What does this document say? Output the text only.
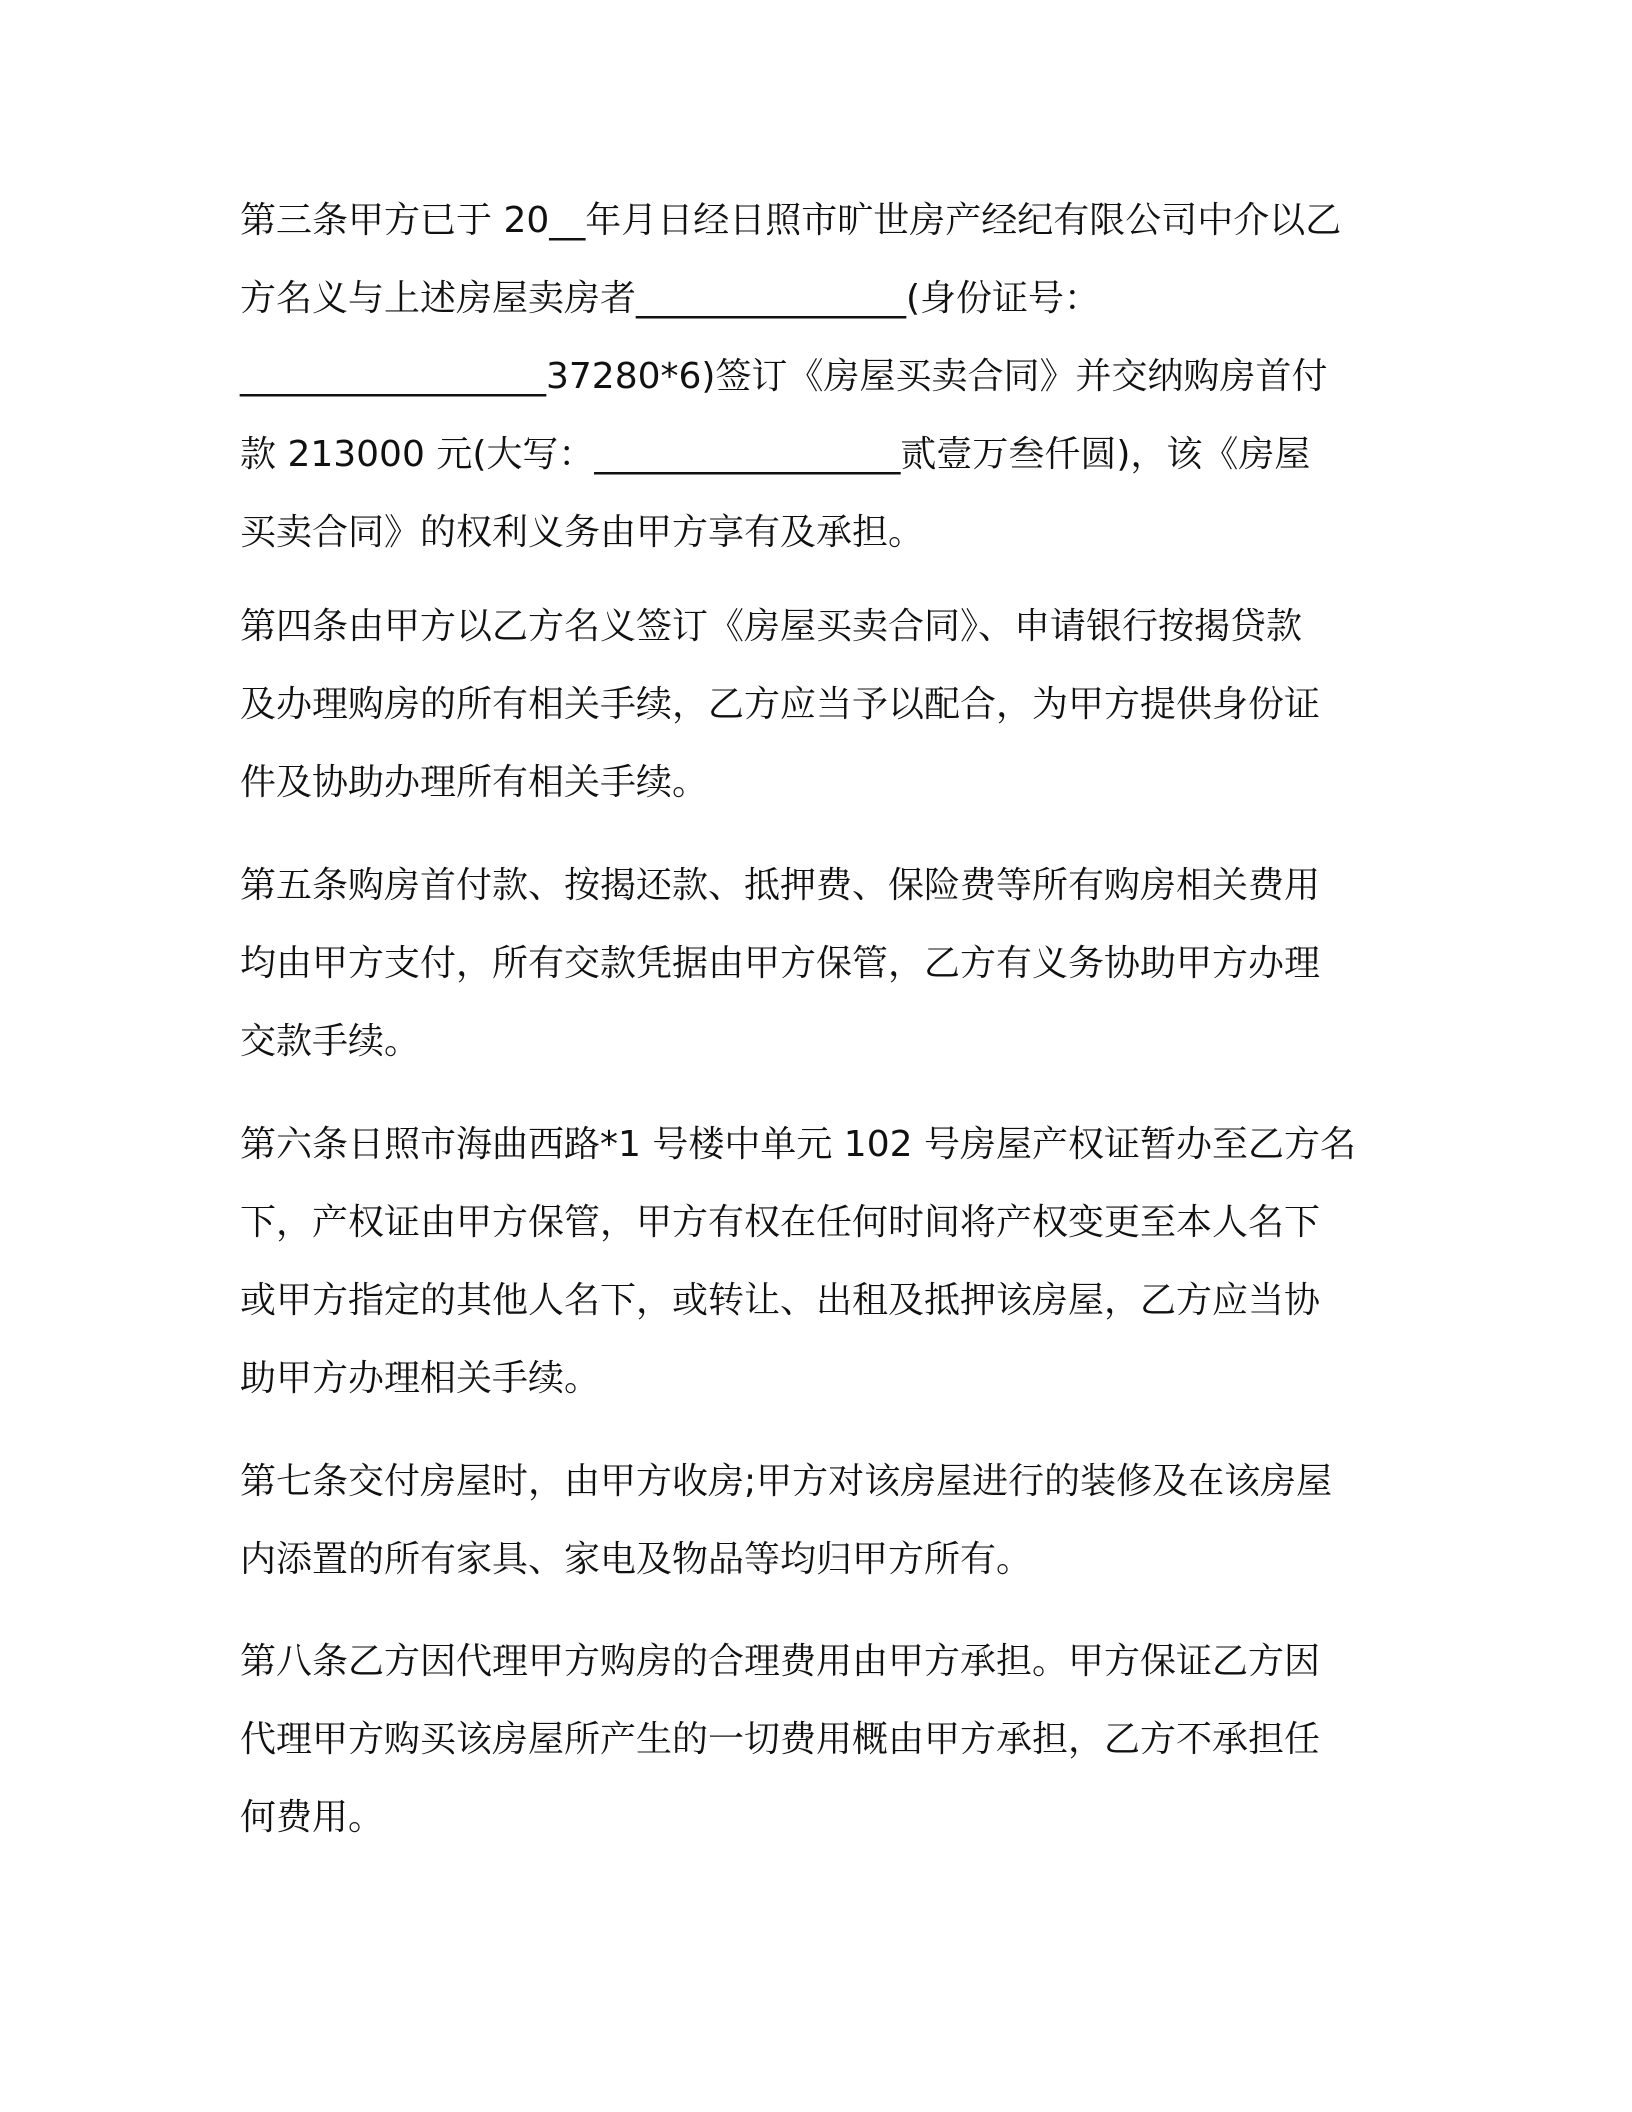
第三条甲方已于 20__年月日经日照市旷世房产经纪有限公司中介以乙
方名义与上述房屋卖房者_______________(身份证号：
_________________37280*6)签订《房屋买卖合同》并交纳购房首付
款 213000 元(大写：_________________贰壹万叁仟圆)，该《房屋
买卖合同》的权利义务由甲方享有及承担。

第四条由甲方以乙方名义签订《房屋买卖合同》、申请银行按揭贷款
及办理购房的所有相关手续，乙方应当予以配合，为甲方提供身份证
件及协助办理所有相关手续。

第五条购房首付款、按揭还款、抵押费、保险费等所有购房相关费用
均由甲方支付，所有交款凭据由甲方保管，乙方有义务协助甲方办理
交款手续。

第六条日照市海曲西路*1 号楼中单元 102 号房屋产权证暂办至乙方名
下，产权证由甲方保管，甲方有权在任何时间将产权变更至本人名下
或甲方指定的其他人名下，或转让、出租及抵押该房屋，乙方应当协
助甲方办理相关手续。

第七条交付房屋时，由甲方收房;甲方对该房屋进行的装修及在该房屋
内添置的所有家具、家电及物品等均归甲方所有。

第八条乙方因代理甲方购房的合理费用由甲方承担。甲方保证乙方因
代理甲方购买该房屋所产生的一切费用概由甲方承担，乙方不承担任
何费用。
